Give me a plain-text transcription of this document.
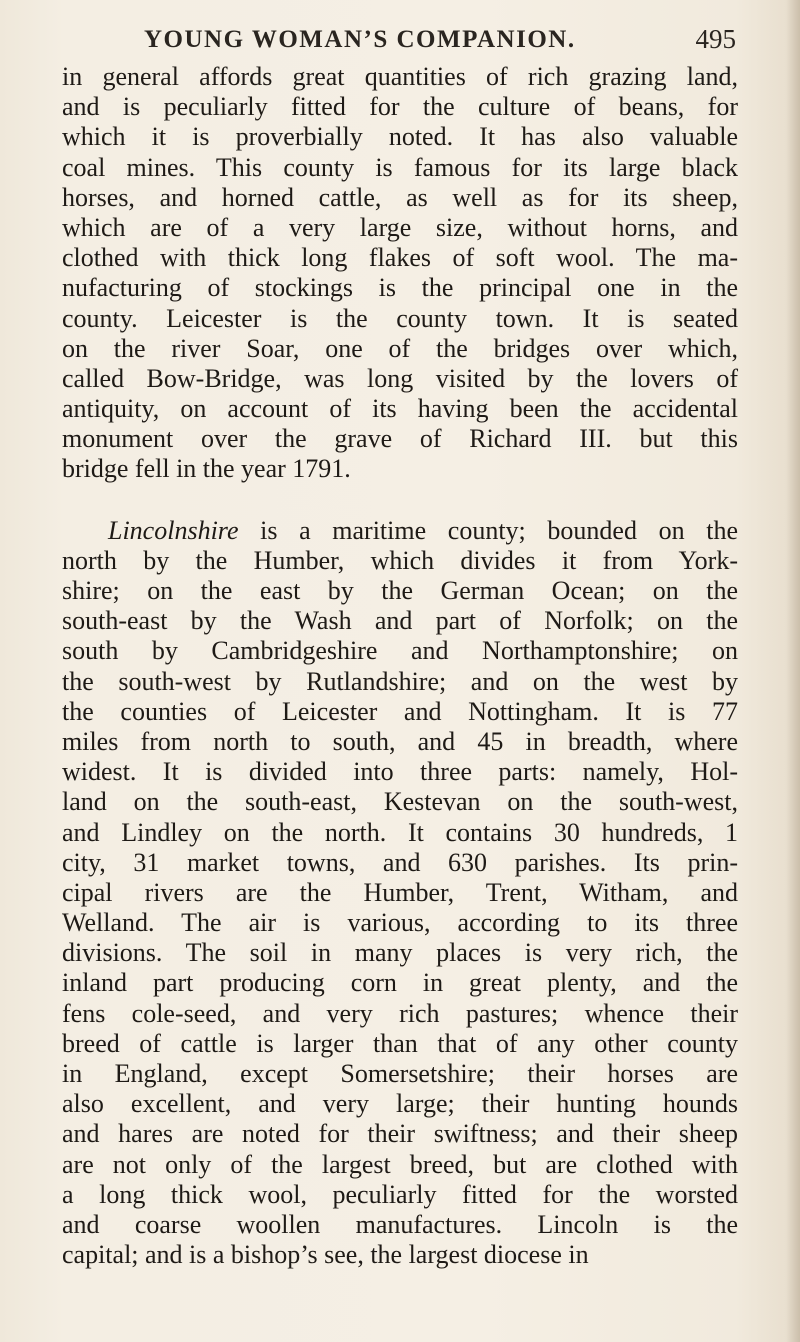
YOUNG WOMAN’S COMPANION.	495
in general affords great quantities of rich grazing land,
and is peculiarly fitted for the culture of beans, for
which it is proverbially noted. It has also valuable
coal mines. This county is famous for its large black
horses, and horned cattle, as well as for its sheep,
which are of a very large size, without horns, and
clothed with thick long flakes of soft wool. The ma-
nufacturing of stockings is the principal one in the
county. Leicester is the county town. It is seated
on the river Soar, one of the bridges over which,
called Bow-Bridge, was long visited by the lovers of
antiquity, on account of its having been the accidental
monument over the grave of Richard III. but this
bridge fell in the year 1791.
Lincolnshire is a maritime county; bounded on the
north by the Humber, which divides it from York-
shire; on the east by the German Ocean; on the
south-east by the Wash and part of Norfolk; on the
south by Cambridgeshire and Northamptonshire; on
the south-west by Rutlandshire; and on the west by
the counties of Leicester and Nottingham. It is 77
miles from north to south, and 45 in breadth, where
widest. It is divided into three parts: namely, Hol-
land on the south-east, Kestevan on the south-west,
and Lindley on the north. It contains 30 hundreds, 1
city, 31 market towns, and 630 parishes. Its prin-
cipal rivers are the Humber, Trent, Witham, and
Welland. The air is various, according to its three
divisions. The soil in many places is very rich, the
inland part producing corn in great plenty, and the
fens cole-seed, and very rich pastures; whence their
breed of cattle is larger than that of any other county
in England, except Somersetshire; their horses are
also excellent, and very large; their hunting hounds
and hares are noted for their swiftness; and their sheep
are not only of the largest breed, but are clothed with
a long thick wool, peculiarly fitted for the worsted
and coarse woollen manufactures. Lincoln is the
capital; and is a bishop’s see, the largest diocese in
